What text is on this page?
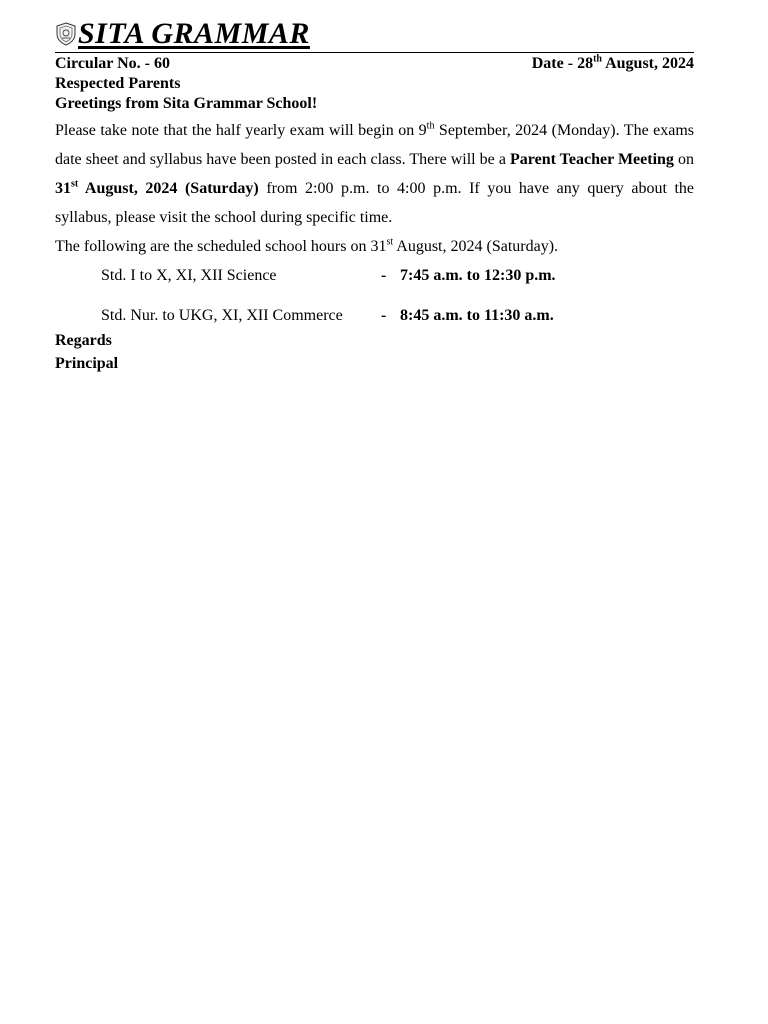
SITA GRAMMAR
Circular No. - 60	Date - 28th August, 2024
Respected Parents
Greetings from Sita Grammar School!
Please take note that the half yearly exam will begin on 9th September, 2024 (Monday). The exams date sheet and syllabus have been posted in each class. There will be a Parent Teacher Meeting on 31st August, 2024 (Saturday) from 2:00 p.m. to 4:00 p.m. If you have any query about the syllabus, please visit the school during specific time.
The following are the scheduled school hours on 31st August, 2024 (Saturday).
Std. I to X, XI, XII Science	- 7:45 a.m. to 12:30 p.m.
Std. Nur. to UKG, XI, XII Commerce	- 8:45 a.m. to 11:30 a.m.
Regards
Principal
